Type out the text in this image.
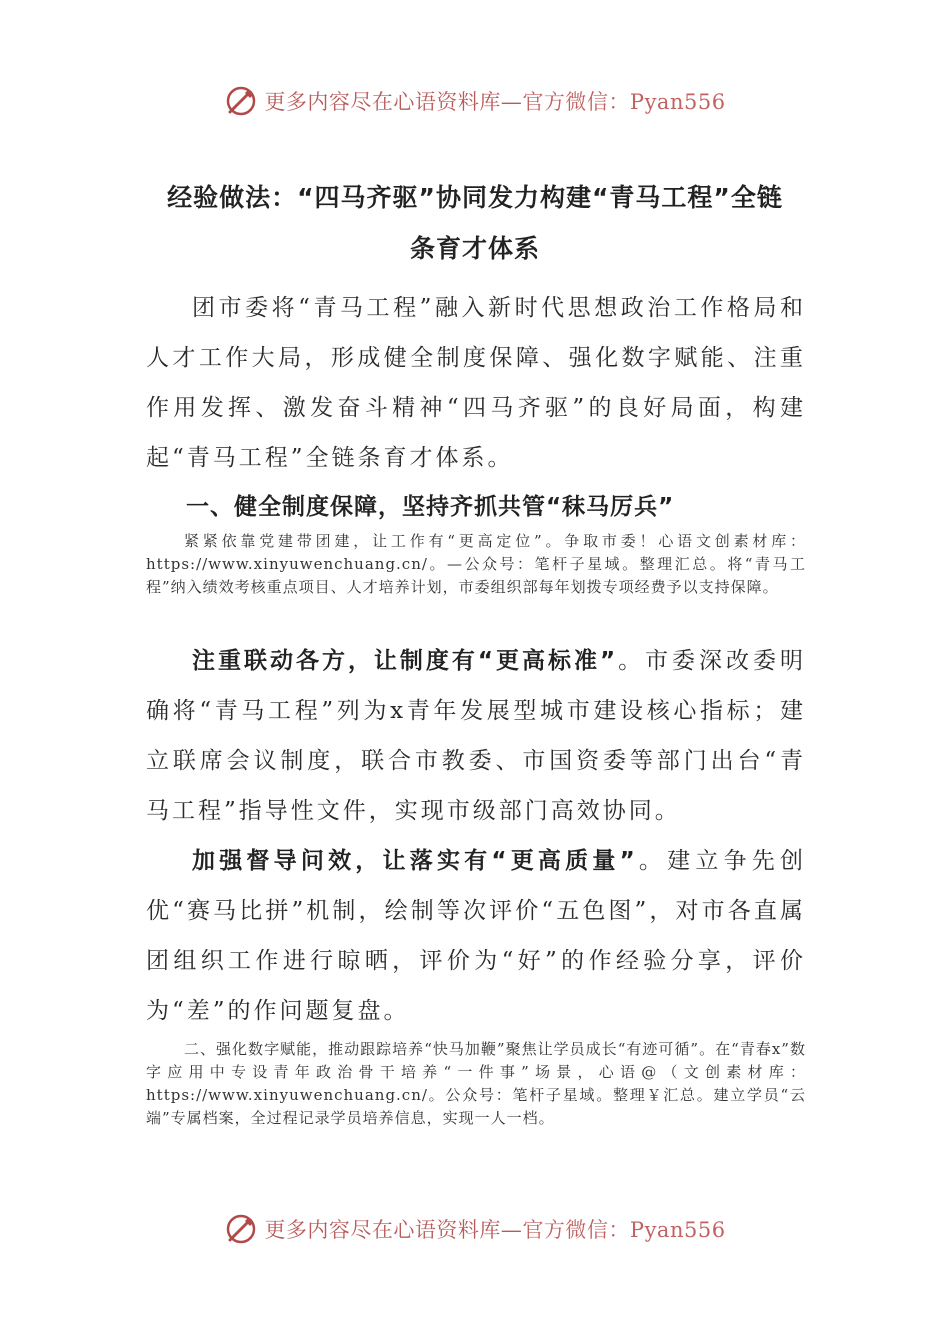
更多内容尽在心语资料库—官方微信：Pyan556
经验做法：“四马齐驱”协同发力构建“青马工程”全链
条育才体系

团市委将“青马工程”融入新时代思想政治工作格局和人才工作大局，形成健全制度保障、强化数字赋能、注重作用发挥、激发奋斗精神“四马齐驱”的良好局面，构建起“青马工程”全链条育才体系。

一、健全制度保障，坚持齐抓共管“秣马厉兵”

紧紧依靠党建带团建，让工作有“更高定位”。争取市委！心语文创素材库：https://www.xinyuwenchuang.cn/。—公众号：笔杆子星域。整理汇总。将“青马工程”纳入绩效考核重点项目、人才培养计划，市委组织部每年划拨专项经费予以支持保障。

注重联动各方，让制度有“更高标准”。市委深改委明确将“青马工程”列为x青年发展型城市建设核心指标；建立联席会议制度，联合市教委、市国资委等部门出台“青马工程”指导性文件，实现市级部门高效协同。

加强督导问效，让落实有“更高质量”。建立争先创优“赛马比拼”机制，绘制等次评价“五色图”，对市各直属团组织工作进行晾晒，评价为“好”的作经验分享，评价为“差”的作问题复盘。

二、强化数字赋能，推动跟踪培养“快马加鞭”聚焦让学员成长“有迹可循”。在“青春x”数字应用中专设青年政治骨干培养“一件事”场景，心语@（文创素材库：https://www.xinyuwenchuang.cn/。公众号：笔杆子星域。整理￥汇总。建立学员“云端”专属档案，全过程记录学员培养信息，实现一人一档。

更多内容尽在心语资料库—官方微信：Pyan556
